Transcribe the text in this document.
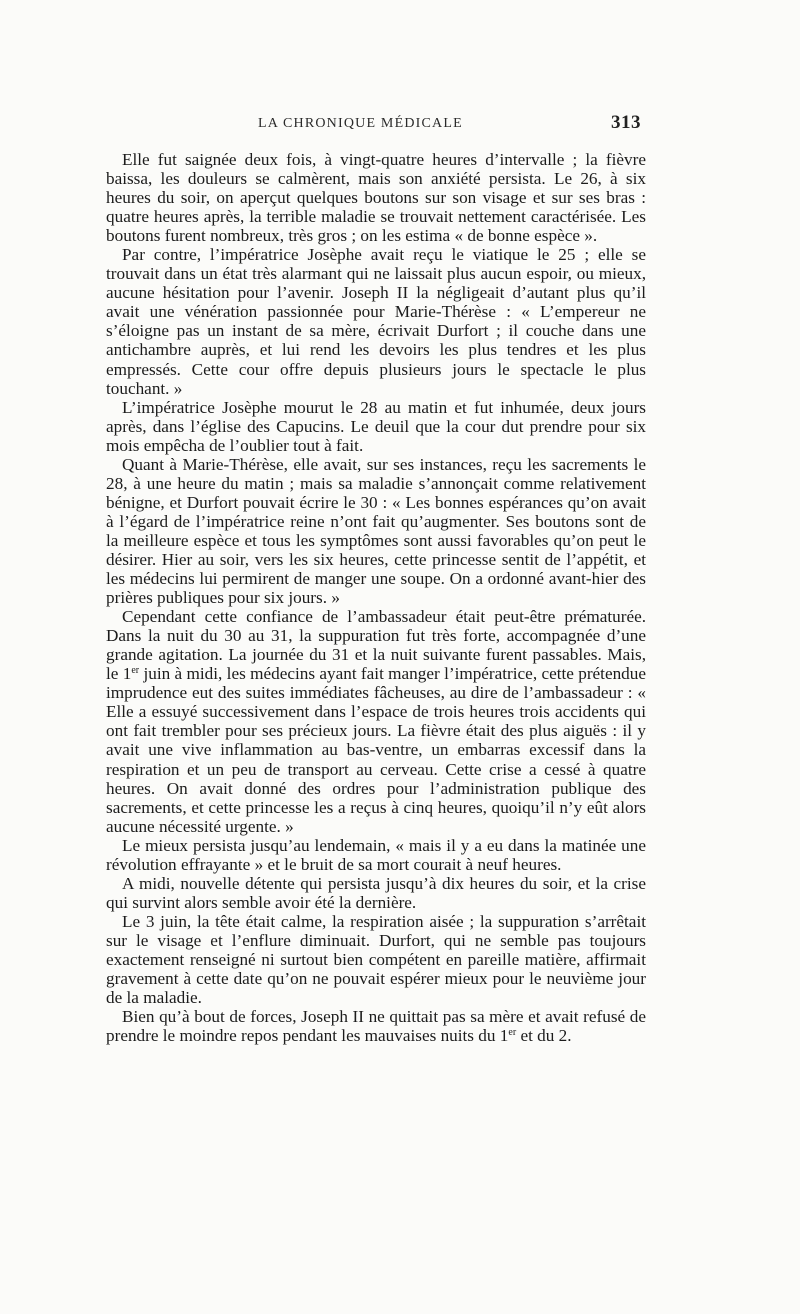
LA CHRONIQUE MÉDICALE	313

Elle fut saignée deux fois, à vingt-quatre heures d’intervalle ; la fièvre baissa, les douleurs se calmèrent, mais son anxiété persista. Le 26, à six heures du soir, on aperçut quelques boutons sur son visage et sur ses bras : quatre heures après, la terrible maladie se trouvait nettement caractérisée. Les boutons furent nombreux, très gros ; on les estima « de bonne espèce ».

Par contre, l’impératrice Josèphe avait reçu le viatique le 25 ; elle se trouvait dans un état très alarmant qui ne laissait plus aucun espoir, ou mieux, aucune hésitation pour l’avenir. Joseph II la négligeait d’autant plus qu’il avait une vénération passionnée pour Marie-Thérèse : « L’empereur ne s’éloigne pas un instant de sa mère, écrivait Durfort ; il couche dans une antichambre auprès, et lui rend les devoirs les plus tendres et les plus empressés. Cette cour offre depuis plusieurs jours le spectacle le plus touchant. »

L’impératrice Josèphe mourut le 28 au matin et fut inhumée, deux jours après, dans l’église des Capucins. Le deuil que la cour dut prendre pour six mois empêcha de l’oublier tout à fait.

Quant à Marie-Thérèse, elle avait, sur ses instances, reçu les sacrements le 28, à une heure du matin ; mais sa maladie s’annonçait comme relativement bénigne, et Durfort pouvait écrire le 30 : « Les bonnes espérances qu’on avait à l’égard de l’impératrice reine n’ont fait qu’augmenter. Ses boutons sont de la meilleure espèce et tous les symptômes sont aussi favorables qu’on peut le désirer. Hier au soir, vers les six heures, cette princesse sentit de l’appétit, et les médecins lui permirent de manger une soupe. On a ordonné avant-hier des prières publiques pour six jours. »

Cependant cette confiance de l’ambassadeur était peut-être prématurée. Dans la nuit du 30 au 31, la suppuration fut très forte, accompagnée d’une grande agitation. La journée du 31 et la nuit suivante furent passables. Mais, le 1er juin à midi, les médecins ayant fait manger l’impératrice, cette prétendue imprudence eut des suites immédiates fâcheuses, au dire de l’ambassadeur : « Elle a essuyé successivement dans l’espace de trois heures trois accidents qui ont fait trembler pour ses précieux jours. La fièvre était des plus aiguës : il y avait une vive inflammation au bas-ventre, un embarras excessif dans la respiration et un peu de transport au cerveau. Cette crise a cessé à quatre heures. On avait donné des ordres pour l’administration publique des sacrements, et cette princesse les a reçus à cinq heures, quoiqu’il n’y eût alors aucune nécessité urgente. »

Le mieux persista jusqu’au lendemain, « mais il y a eu dans la matinée une révolution effrayante » et le bruit de sa mort courait à neuf heures.

A midi, nouvelle détente qui persista jusqu’à dix heures du soir, et la crise qui survint alors semble avoir été la dernière.

Le 3 juin, la tête était calme, la respiration aisée ; la suppuration s’arrêtait sur le visage et l’enflure diminuait. Durfort, qui ne semble pas toujours exactement renseigné ni surtout bien compétent en pareille matière, affirmait gravement à cette date qu’on ne pouvait espérer mieux pour le neuvième jour de la maladie.

Bien qu’à bout de forces, Joseph II ne quittait pas sa mère et avait refusé de prendre le moindre repos pendant les mauvaises nuits du 1er et du 2.
